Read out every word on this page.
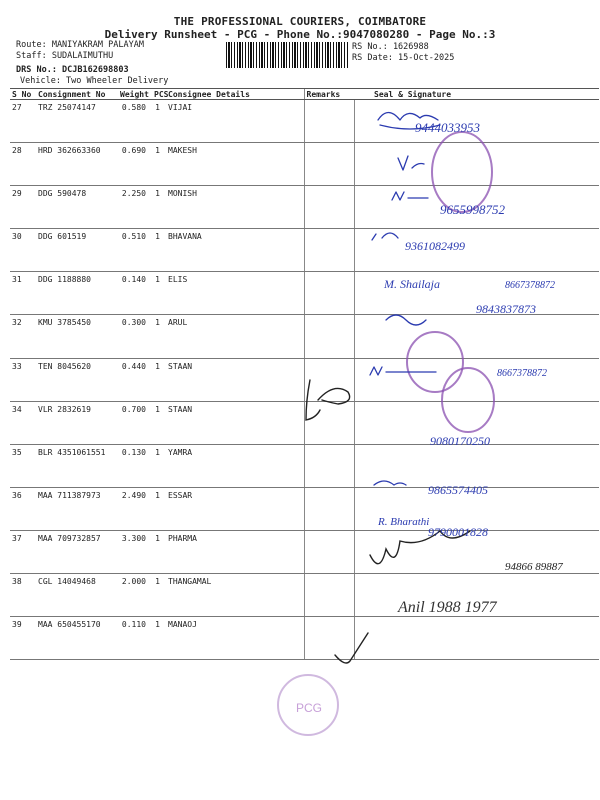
THE PROFESSIONAL COURIERS, COIMBATORE
Delivery Runsheet - PCG - Phone No.:9047080280 - Page No.:3
Route: MANIYAKRAM PALAYAM
Staff: SUDALAIMUTHU
DRS No.: DCJB162698803
Vehicle: Two Wheeler Delivery
RS No.: 1626988
RS Date: 15-Oct-2025
S No	Consignment No	Weight	PCS	Consignee Details	Remarks	Seal & Signature
27	TRZ 25074147	0.580	1	VIJAI		
28	HRD 362663360	0.690	1	MAKESH		
29	DDG 590478	2.250	1	MONISH		
30	DDG 601519	0.510	1	BHAVANA		
31	DDG 1188880	0.140	1	ELIS		
32	KMU 3785450	0.300	1	ARUL		
33	TEN 8045620	0.440	1	STAAN		
34	VLR 2832619	0.700	1	STAAN		
35	BLR 4351061551	0.130	1	YAMRA		
36	MAA 711387973	2.490	1	ESSAR		
37	MAA 709732857	3.300	1	PHARMA		
38	CGL 14049468	2.000	1	THANGAMAL		
39	MAA 650455170	0.110	1	MANAOJ		
PCG
9444033953
9655998752
9361082499
M. Shailaja	8667378872
9843837873
8667378872
9080170250
9865574405
R. Bharathi
9790001828
94866 89887
Anil 1988 1977
